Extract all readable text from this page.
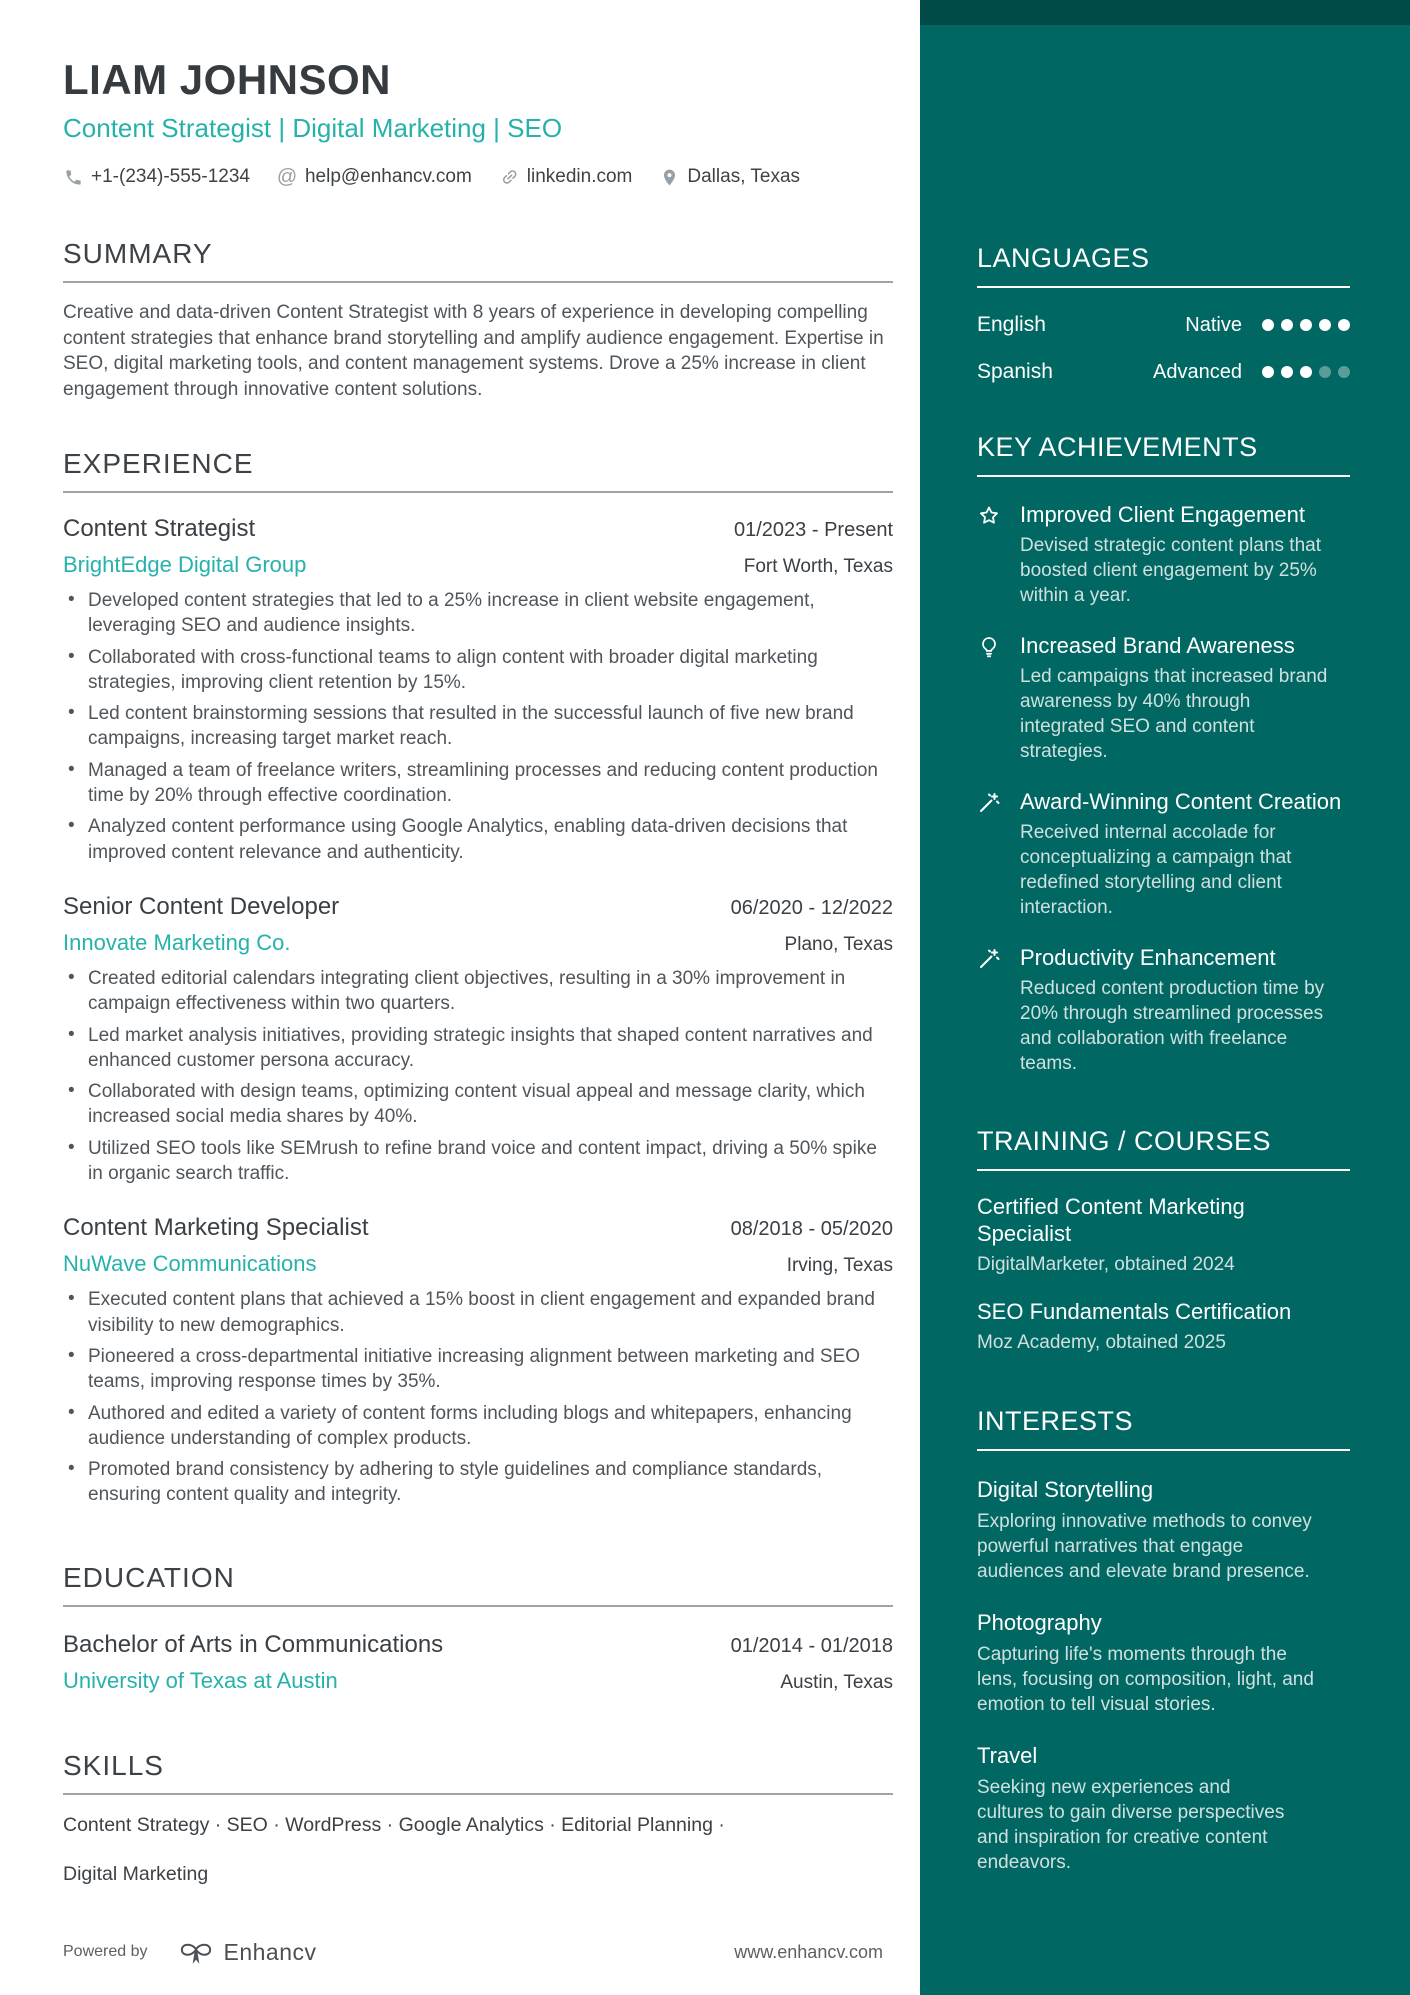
LIAM JOHNSON
Content Strategist | Digital Marketing | SEO
+1-(234)-555-1234 @ help@enhancv.com	linkedin.com	Dallas, Texas
SUMMARY
Creative and data-driven Content Strategist with 8 years of experience in developing compelling content strategies that enhance brand storytelling and amplify audience engagement. Expertise in SEO, digital marketing tools, and content management systems. Drove a 25% increase in client engagement through innovative content solutions.
EXPERIENCE
Content Strategist	01/2023 - Present
BrightEdge Digital Group	Fort Worth, Texas
• Developed content strategies that led to a 25% increase in client website engagement, leveraging SEO and audience insights.
• Collaborated with cross-functional teams to align content with broader digital marketing strategies, improving client retention by 15%.
• Led content brainstorming sessions that resulted in the successful launch of five new brand campaigns, increasing target market reach.
• Managed a team of freelance writers, streamlining processes and reducing content production time by 20% through effective coordination.
• Analyzed content performance using Google Analytics, enabling data-driven decisions that improved content relevance and authenticity.
Senior Content Developer	06/2020 - 12/2022
Innovate Marketing Co.	Plano, Texas
• Created editorial calendars integrating client objectives, resulting in a 30% improvement in campaign effectiveness within two quarters.
• Led market analysis initiatives, providing strategic insights that shaped content narratives and enhanced customer persona accuracy.
• Collaborated with design teams, optimizing content visual appeal and message clarity, which increased social media shares by 40%.
• Utilized SEO tools like SEMrush to refine brand voice and content impact, driving a 50% spike in organic search traffic.
Content Marketing Specialist	08/2018 - 05/2020
NuWave Communications	Irving, Texas
• Executed content plans that achieved a 15% boost in client engagement and expanded brand visibility to new demographics.
• Pioneered a cross-departmental initiative increasing alignment between marketing and SEO teams, improving response times by 35%.
• Authored and edited a variety of content forms including blogs and whitepapers, enhancing audience understanding of complex products.
• Promoted brand consistency by adhering to style guidelines and compliance standards, ensuring content quality and integrity.
EDUCATION
Bachelor of Arts in Communications	01/2014 - 01/2018
University of Texas at Austin	Austin, Texas
SKILLS
Content Strategy · SEO · WordPress · Google Analytics · Editorial Planning ·
Digital Marketing
Powered by	Enhancv	www.enhancv.com
LANGUAGES
English	Native
Spanish	Advanced
KEY ACHIEVEMENTS
Improved Client Engagement
Devised strategic content plans that boosted client engagement by 25% within a year.
Increased Brand Awareness
Led campaigns that increased brand awareness by 40% through integrated SEO and content strategies.
Award-Winning Content Creation
Received internal accolade for conceptualizing a campaign that redefined storytelling and client interaction.
Productivity Enhancement
Reduced content production time by 20% through streamlined processes and collaboration with freelance teams.
TRAINING / COURSES
Certified Content Marketing Specialist
DigitalMarketer, obtained 2024
SEO Fundamentals Certification
Moz Academy, obtained 2025
INTERESTS
Digital Storytelling
Exploring innovative methods to convey powerful narratives that engage audiences and elevate brand presence.
Photography
Capturing life's moments through the lens, focusing on composition, light, and emotion to tell visual stories.
Travel
Seeking new experiences and cultures to gain diverse perspectives and inspiration for creative content endeavors.
